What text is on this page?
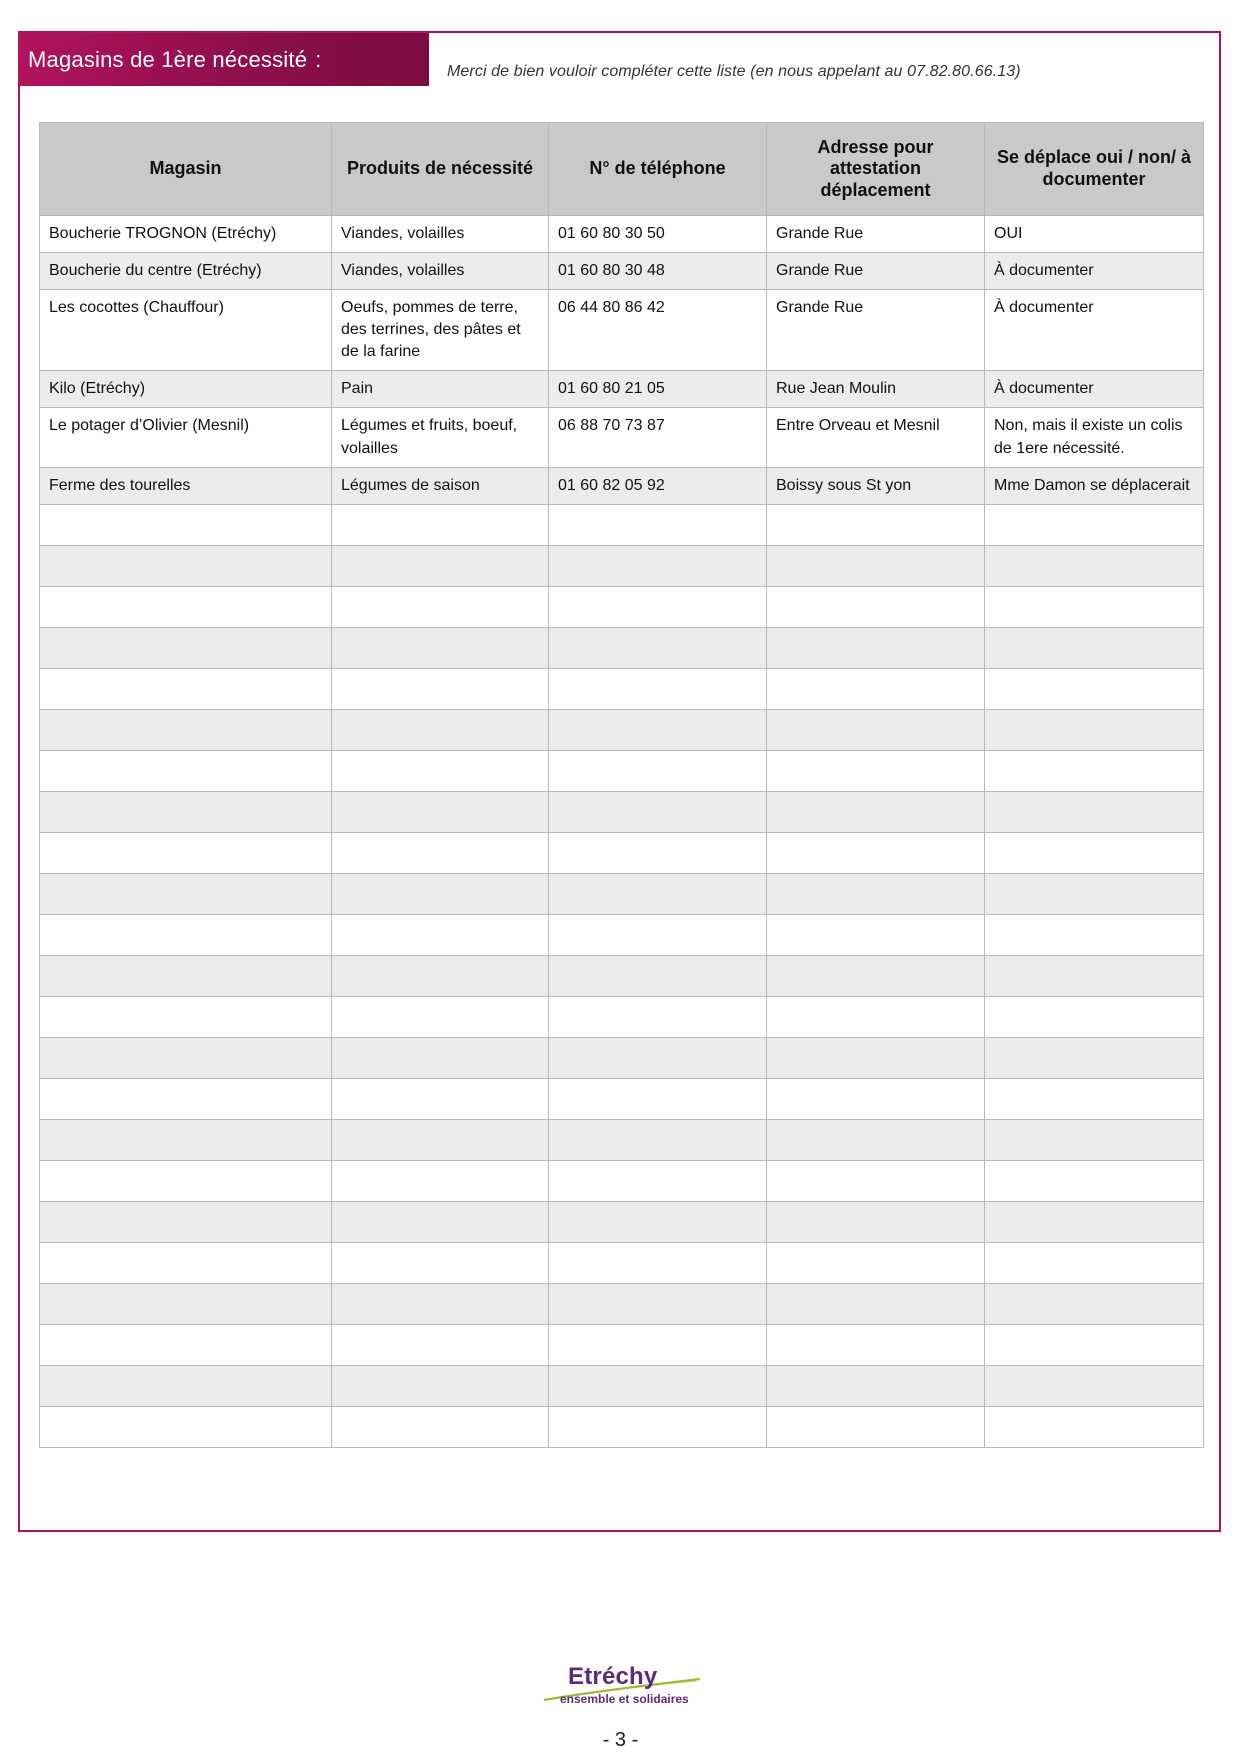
Magasins de 1ère nécessité :	Merci de bien vouloir compléter cette liste (en nous appelant au 07.82.80.66.13)
Magasin	Produits de nécessité	N° de téléphone	Adresse pour attestation déplacement	Se déplace oui / non/ à documenter
Boucherie TROGNON (Etréchy)	Viandes, volailles	01 60 80 30 50	Grande Rue	OUI
Boucherie du centre (Etréchy)	Viandes, volailles	01 60 80 30 48	Grande Rue	À documenter
Les cocottes (Chauffour)	Oeufs, pommes de terre, des terrines, des pâtes et de la farine	06 44 80 86 42	Grande Rue	À documenter
Kilo (Etréchy)	Pain	01 60 80 21 05	Rue Jean Moulin	À documenter
Le potager d’Olivier (Mesnil)	Légumes et fruits, boeuf, volailles	06 88 70 73 87	Entre Orveau et Mesnil	Non, mais il existe un colis de 1ere nécessité.
Ferme des tourelles	Légumes de saison	01 60 82 05 92	Boissy sous St yon	Mme Damon se déplacerait

Etréchy
ensemble et solidaires
- 3 -
